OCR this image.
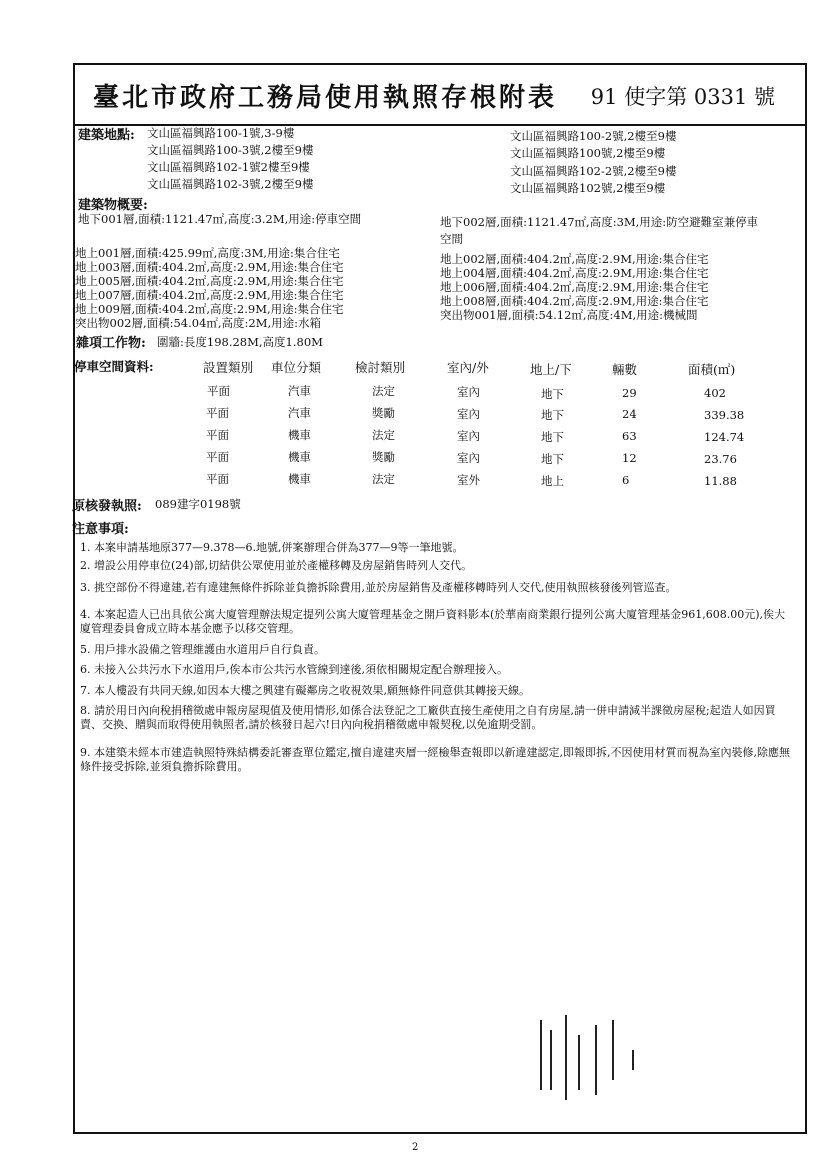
臺北市政府工務局使用執照存根附表 91 使字第 0331 號
建築地點: 文山區福興路100-1號,3-9樓
文山區福興路100-3號,2樓至9樓
文山區福興路102-1號2樓至9樓
文山區福興路102-3號,2樓至9樓
文山區福興路100-2號,2樓至9樓
文山區福興路100號,2樓至9樓
文山區福興路102-2號,2樓至9樓
文山區福興路102號,2樓至9樓
建築物概要:
地下001層,面積:1121.47㎡,高度:3.2M,用途:停車空間	地下002層,面積:1121.47㎡,高度:3M,用途:防空避難室兼停車
空間
地上001層,面積:425.99㎡,高度:3M,用途:集合住宅
地上003層,面積:404.2㎡,高度:2.9M,用途:集合住宅
地上005層,面積:404.2㎡,高度:2.9M,用途:集合住宅
地上007層,面積:404.2㎡,高度:2.9M,用途:集合住宅
地上009層,面積:404.2㎡,高度:2.9M,用途:集合住宅
突出物002層,面積:54.04㎡,高度:2M,用途:水箱
地上002層,面積:404.2㎡,高度:2.9M,用途:集合住宅
地上004層,面積:404.2㎡,高度:2.9M,用途:集合住宅
地上006層,面積:404.2㎡,高度:2.9M,用途:集合住宅
地上008層,面積:404.2㎡,高度:2.9M,用途:集合住宅
突出物001層,面積:54.12㎡,高度:4M,用途:機械間
雜項工作物: 圍牆:長度198.28M,高度1.80M
停車空間資料:	設置類別 車位分類	檢討類別	室內/外	地上/下	輛數	面積(㎡)
平面	汽車	法定	室內	地下	29	402
平面	汽車	獎勵	室內	地下	24	339.38
平面	機車	法定	室內	地下	63	124.74
平面	機車	獎勵	室內	地下	12	23.76
平面	機車	法定	室外	地上	6	11.88
原核發執照: 089建字0198號
注意事項:
1. 本案申請基地原377—9.378—6.地號,併案辦理合併為377—9等一筆地號。
2. 增設公用停車位(24)部,切結供公眾使用並於產權移轉及房屋銷售時列人交代。
3. 挑空部份不得違建,若有違建無條件拆除並負擔拆除費用,並於房屋銷售及產權移轉時列人交代,使用執照核發後列管巡查。
4. 本案起造人已出具依公寓大廈管理辦法規定提列公寓大廈管理基金之開戶資料影本(於華南商業銀行提列公寓大廈管理基金961,608.00元),俟大廈管理委員會成立時本基金應予以移交管理。
5. 用戶排水設備之管理維護由水道用戶自行負責。
6. 未接入公共污水下水道用戶,俟本市公共污水管線到達後,須依相關規定配合辦理接入。
7. 本人樓設有共同天線,如因本大樓之興建有礙鄰房之收視效果,願無條件同意供其轉接天線。
8. 請於用日內向稅捐稽徵處申報房屋現值及使用情形,如係合法登記之工廠供直接生產使用之自有房屋,請一併申請減半課徵房屋稅;起造人如因買賣、交換、贈與而取得使用執照者,請於核發日起六!日內向稅捐稽徵處申報契稅,以免逾期受罰。
9. 本建築未經本市建造執照特殊結構委託審查單位鑑定,擅自違建夾層一經檢舉查報即以新違建認定,即報即拆,不因使用材質而視為室內裝修,除應無條件接受拆除,並須負擔拆除費用。
2
